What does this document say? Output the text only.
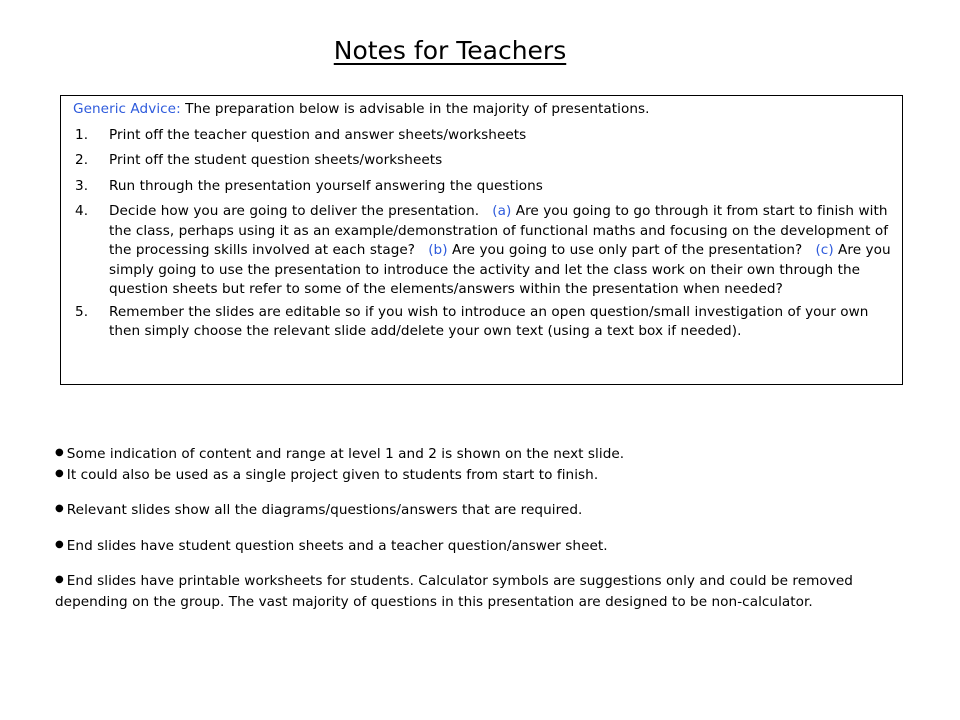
Notes for Teachers

Generic Advice: The preparation below is advisable in the majority of presentations.

1. Print off the teacher question and answer sheets/worksheets
2. Print off the student question sheets/worksheets
3. Run through the presentation yourself answering the questions
4. Decide how you are going to deliver the presentation. (a) Are you going to go through it from start to finish with the class, perhaps using it as an example/demonstration of functional maths and focusing on the development of the processing skills involved at each stage? (b) Are you going to use only part of the presentation? (c) Are you simply going to use the presentation to introduce the activity and let the class work on their own through the question sheets but refer to some of the elements/answers within the presentation when needed?
5. Remember the slides are editable so if you wish to introduce an open question/small investigation of your own then simply choose the relevant slide add/delete your own text (using a text box if needed).

● Some indication of content and range at level 1 and 2 is shown on the next slide.

● It could also be used as a single project given to students from start to finish.

● Relevant slides show all the diagrams/questions/answers that are required.

● End slides have student question sheets and a teacher question/answer sheet.

● End slides have printable worksheets for students. Calculator symbols are suggestions only and could be removed depending on the group. The vast majority of questions in this presentation are designed to be non-calculator.
